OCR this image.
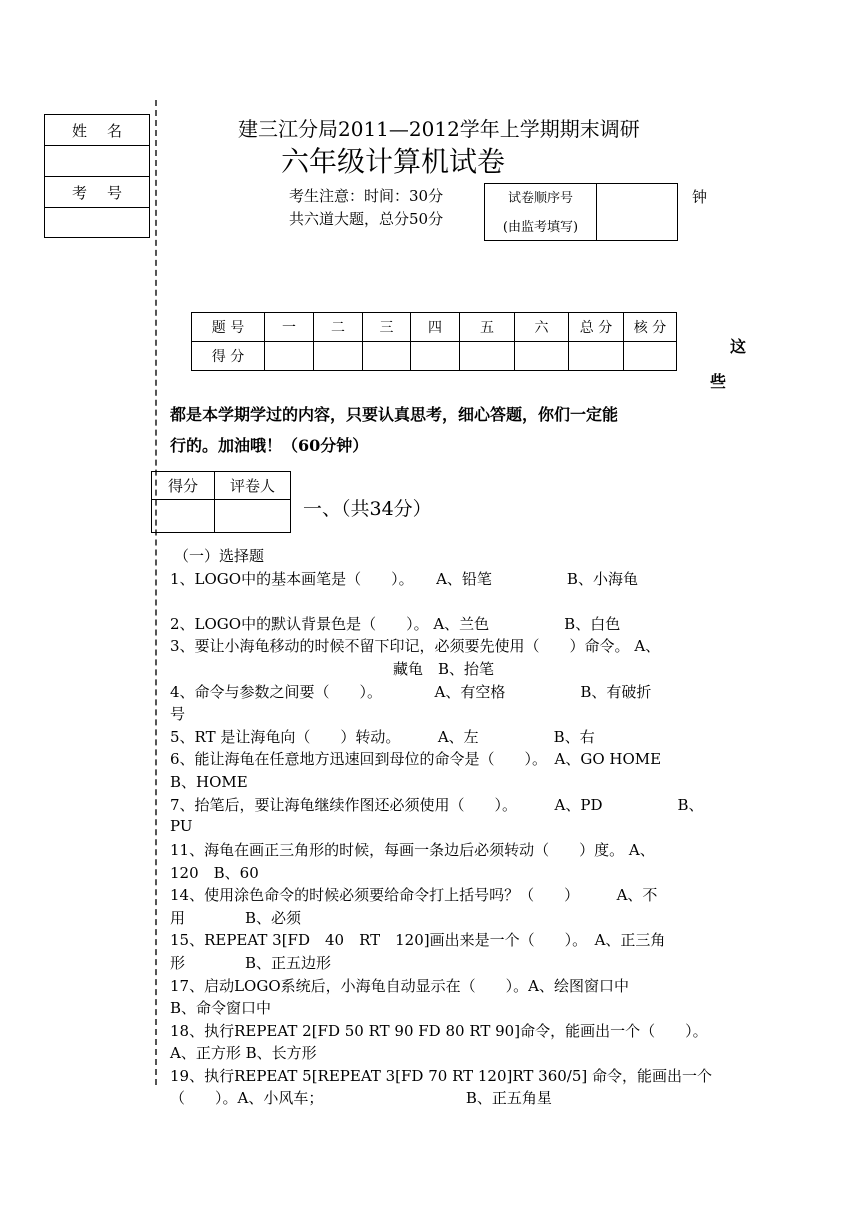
姓名
考号
建三江分局2011—2012学年上学期期末调研
六年级计算机试卷
考生注意：时间：30分
共六道大题，总分50分
试卷顺序号
(由监考填写)
钟
题 号	一	二	三	四	五	六	总 分	核 分
得 分								
这
些
都是本学期学过的内容，只要认真思考，细心答题，你们一定能
行的。加油哦！（60分钟）
得分	评卷人

一、（共34分）
（一）选择题
1、LOGO中的基本画笔是（　　）。　　A、铅笔　　　　　B、小海龟
2、LOGO中的默认背景色是（　　）。 A、兰色　　　　　B、白色
3、要让小海龟移动的时候不留下印记，必须要先使用（　　）命令。 A、
藏龟　B、抬笔
4、命令与参数之间要（　　）。　　　　A、有空格　　　　　B、有破折
号
5、RT 是让海龟向（　　）转动。　　　A、左　　　　　B、右
6、能让海龟在任意地方迅速回到母位的命令是（　　）。　A、GO HOME
B、HOME
7、抬笔后，要让海龟继续作图还必须使用（　　）。　　　A、PD　　　　　B、
PU
11、海龟在画正三角形的时候，每画一条边后必须转动（　　）度。 A、
120　B、60
14、使用涂色命令的时候必须要给命令打上括号吗？（　　）　　　A、不
用　　　　B、必须
15、REPEAT 3[FD　40　RT　120]画出来是一个（　　）。　A、正三角
形　　　　B、正五边形
17、启动LOGO系统后，小海龟自动显示在（　　）。A、绘图窗口中
B、命令窗口中
18、执行REPEAT 2[FD 50 RT 90 FD 80 RT 90]命令，能画出一个（　　）。
A、正方形 B、长方形
19、执行REPEAT 5[REPEAT 3[FD 70 RT 120]RT 360/5] 命令，能画出一个
（　　）。A、小风车；　　　　　　　　　　B、正五角星
